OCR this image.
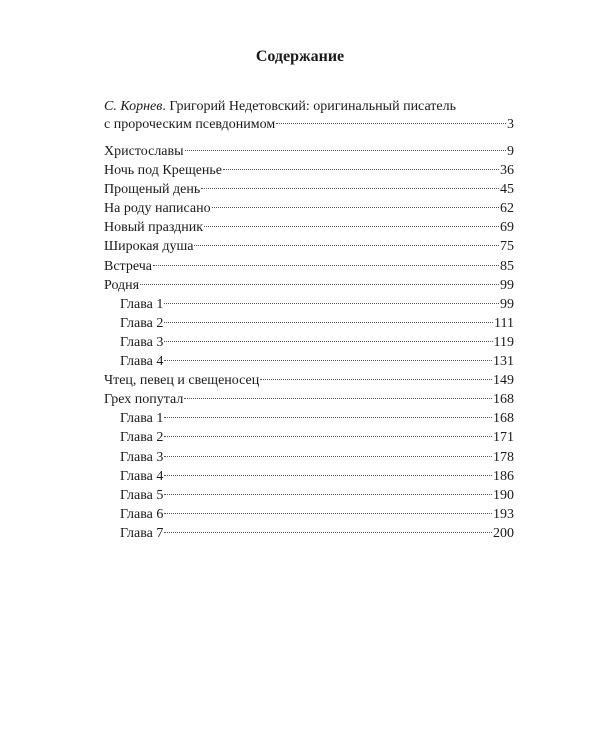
Содержание
С. Корнев. Григорий Недетовский: оригинальный писатель
с пророческим псевдонимом	3
Христославы	9
Ночь под Крещенье	36
Прощеный день	45
На роду написано	62
Новый праздник	69
Широкая душа	75
Встреча	85
Родня	99
Глава 1	99
Глава 2	111
Глава 3	119
Глава 4	131
Чтец, певец и свещеносец	149
Грех попутал	168
Глава 1	168
Глава 2	171
Глава 3	178
Глава 4	186
Глава 5	190
Глава 6	193
Глава 7	200
